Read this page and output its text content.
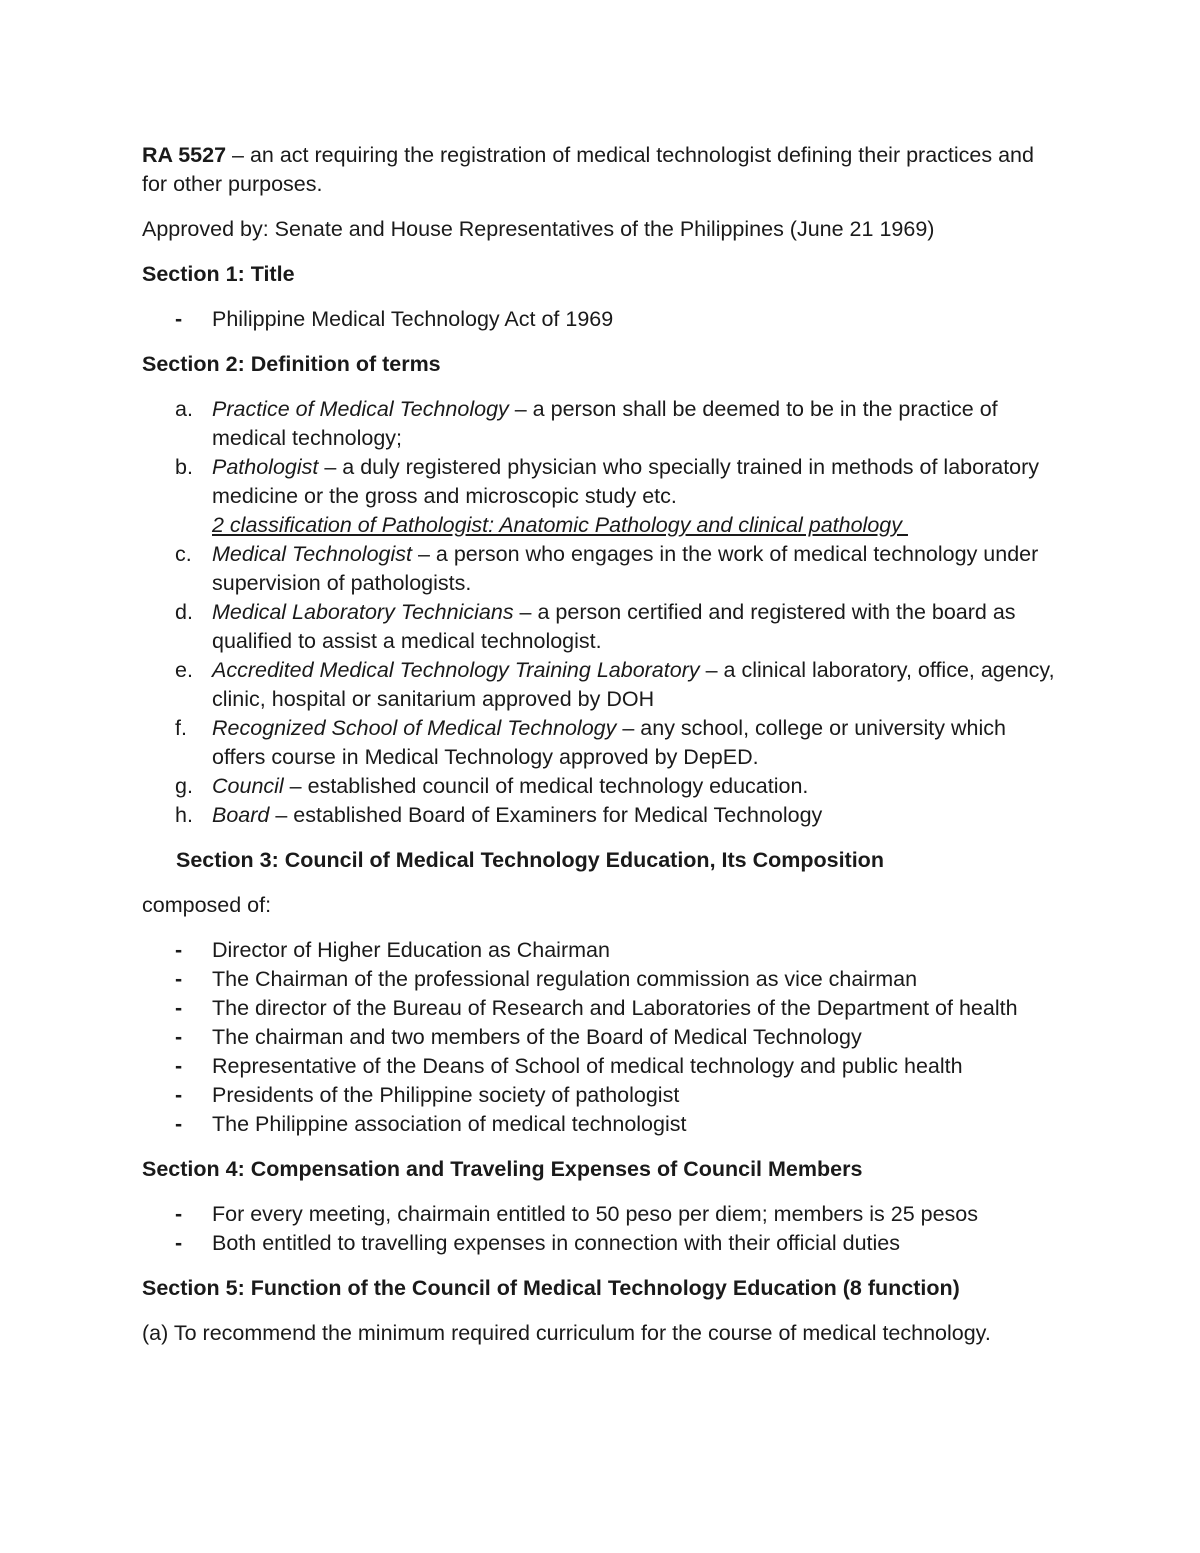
RA 5527 – an act requiring the registration of medical technologist defining their practices and for other purposes.

Approved by: Senate and House Representatives of the Philippines (June 21 1969)

Section 1: Title

- Philippine Medical Technology Act of 1969

Section 2: Definition of terms

a. Practice of Medical Technology – a person shall be deemed to be in the practice of medical technology;
b. Pathologist – a duly registered physician who specially trained in methods of laboratory medicine or the gross and microscopic study etc.
2 classification of Pathologist: Anatomic Pathology and clinical pathology
c. Medical Technologist – a person who engages in the work of medical technology under supervision of pathologists.
d. Medical Laboratory Technicians – a person certified and registered with the board as qualified to assist a medical technologist.
e. Accredited Medical Technology Training Laboratory – a clinical laboratory, office, agency, clinic, hospital or sanitarium approved by DOH
f. Recognized School of Medical Technology – any school, college or university which offers course in Medical Technology approved by DepED.
g. Council – established council of medical technology education.
h. Board – established Board of Examiners for Medical Technology

Section 3: Council of Medical Technology Education, Its Composition

composed of:

- Director of Higher Education as Chairman
- The Chairman of the professional regulation commission as vice chairman
- The director of the Bureau of Research and Laboratories of the Department of health
- The chairman and two members of the Board of Medical Technology
- Representative of the Deans of School of medical technology and public health
- Presidents of the Philippine society of pathologist
- The Philippine association of medical technologist

Section 4: Compensation and Traveling Expenses of Council Members

- For every meeting, chairmain entitled to 50 peso per diem; members is 25 pesos
- Both entitled to travelling expenses in connection with their official duties

Section 5: Function of the Council of Medical Technology Education (8 function)

(a) To recommend the minimum required curriculum for the course of medical technology.
